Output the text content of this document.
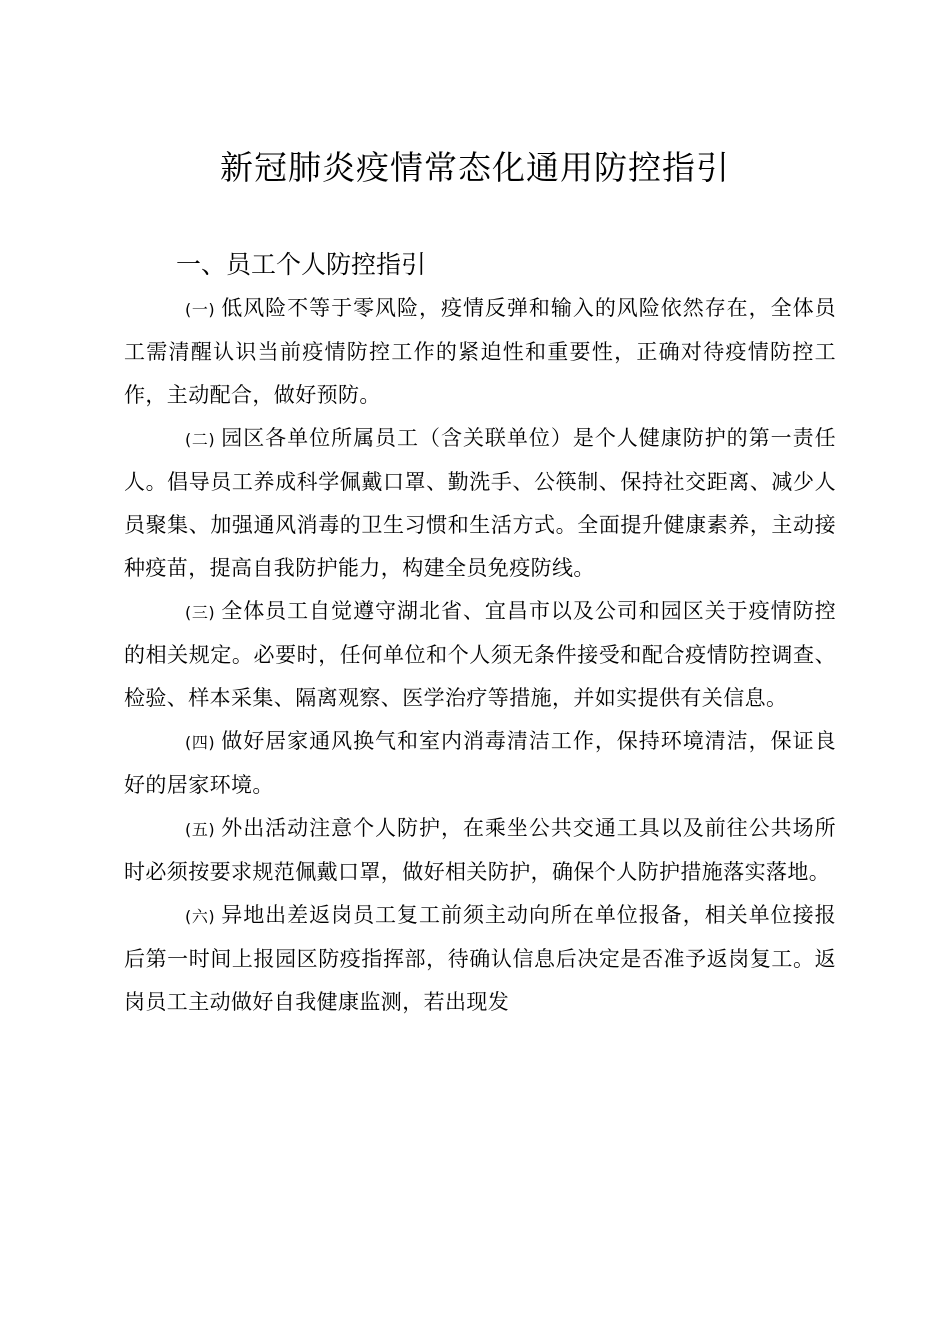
新冠肺炎疫情常态化通用防控指引
一、员工个人防控指引

(一) 低风险不等于零风险，疫情反弹和输入的风险依然存在，全体员工需清醒认识当前疫情防控工作的紧迫性和重要性，正确对待疫情防控工作，主动配合，做好预防。

(二) 园区各单位所属员工（含关联单位）是个人健康防护的第一责任人。倡导员工养成科学佩戴口罩、勤洗手、公筷制、保持社交距离、减少人员聚集、加强通风消毒的卫生习惯和生活方式。全面提升健康素养，主动接种疫苗，提高自我防护能力，构建全员免疫防线。

(三) 全体员工自觉遵守湖北省、宜昌市以及公司和园区关于疫情防控的相关规定。必要时，任何单位和个人须无条件接受和配合疫情防控调查、检验、样本采集、隔离观察、医学治疗等措施，并如实提供有关信息。

(四) 做好居家通风换气和室内消毒清洁工作，保持环境清洁，保证良好的居家环境。

(五) 外出活动注意个人防护，在乘坐公共交通工具以及前往公共场所时必须按要求规范佩戴口罩，做好相关防护，确保个人防护措施落实落地。

(六) 异地出差返岗员工复工前须主动向所在单位报备，相关单位接报后第一时间上报园区防疫指挥部，待确认信息后决定是否准予返岗复工。返岗员工主动做好自我健康监测，若出现发
